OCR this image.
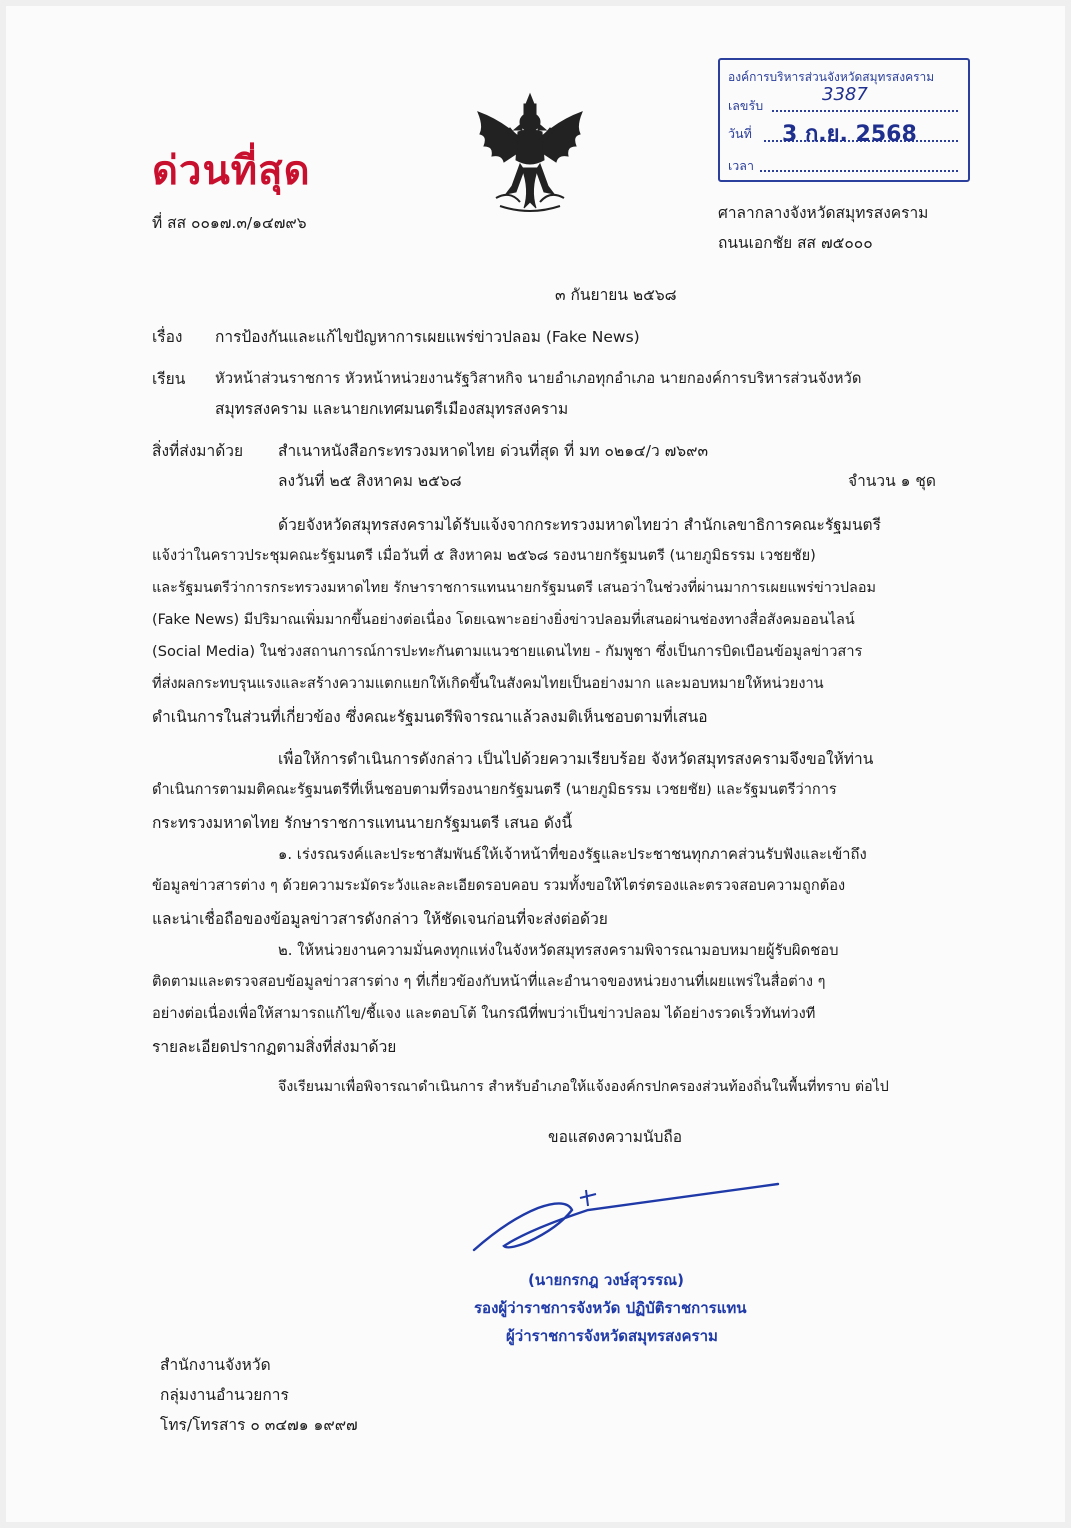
ด่วนที่สุด
ที่ สส ๐๐๑๗.๓/๑๔๗๙๖
องค์การบริหารส่วนจังหวัดสมุทรสงคราม
เลขรับ
3387
วันที่ 3 ก.ย. 2568
เวลา
ศาลากลางจังหวัดสมุทรสงคราม
ถนนเอกชัย สส ๗๕๐๐๐
๓ กันยายน ๒๕๖๘
เรื่อง การป้องกันและแก้ไขปัญหาการเผยแพร่ข่าวปลอม (Fake News)
เรียน หัวหน้าส่วนราชการ หัวหน้าหน่วยงานรัฐวิสาหกิจ นายอำเภอทุกอำเภอ นายกองค์การบริหารส่วนจังหวัด
สมุทรสงคราม และนายกเทศมนตรีเมืองสมุทรสงคราม
สิ่งที่ส่งมาด้วย สำเนาหนังสือกระทรวงมหาดไทย ด่วนที่สุด ที่ มท ๐๒๑๔/ว ๗๖๙๓
ลงวันที่ ๒๕ สิงหาคม ๒๕๖๘	จำนวน ๑ ชุด
ด้วยจังหวัดสมุทรสงครามได้รับแจ้งจากกระทรวงมหาดไทยว่า สำนักเลขาธิการคณะรัฐมนตรี
แจ้งว่าในคราวประชุมคณะรัฐมนตรี เมื่อวันที่ ๕ สิงหาคม ๒๕๖๘ รองนายกรัฐมนตรี (นายภูมิธรรม เวชยชัย)
และรัฐมนตรีว่าการกระทรวงมหาดไทย รักษาราชการแทนนายกรัฐมนตรี เสนอว่าในช่วงที่ผ่านมาการเผยแพร่ข่าวปลอม
(Fake News) มีปริมาณเพิ่มมากขึ้นอย่างต่อเนื่อง โดยเฉพาะอย่างยิ่งข่าวปลอมที่เสนอผ่านช่องทางสื่อสังคมออนไลน์
(Social Media) ในช่วงสถานการณ์การปะทะกันตามแนวชายแดนไทย - กัมพูชา ซึ่งเป็นการบิดเบือนข้อมูลข่าวสาร
ที่ส่งผลกระทบรุนแรงและสร้างความแตกแยกให้เกิดขึ้นในสังคมไทยเป็นอย่างมาก และมอบหมายให้หน่วยงาน
ดำเนินการในส่วนที่เกี่ยวข้อง ซึ่งคณะรัฐมนตรีพิจารณาแล้วลงมติเห็นชอบตามที่เสนอ
เพื่อให้การดำเนินการดังกล่าว เป็นไปด้วยความเรียบร้อย จังหวัดสมุทรสงครามจึงขอให้ท่าน
ดำเนินการตามมติคณะรัฐมนตรีที่เห็นชอบตามที่รองนายกรัฐมนตรี (นายภูมิธรรม เวชยชัย) และรัฐมนตรีว่าการ
กระทรวงมหาดไทย รักษาราชการแทนนายกรัฐมนตรี เสนอ ดังนี้
๑. เร่งรณรงค์และประชาสัมพันธ์ให้เจ้าหน้าที่ของรัฐและประชาชนทุกภาคส่วนรับฟังและเข้าถึง
ข้อมูลข่าวสารต่าง ๆ ด้วยความระมัดระวังและละเอียดรอบคอบ รวมทั้งขอให้ไตร่ตรองและตรวจสอบความถูกต้อง
และน่าเชื่อถือของข้อมูลข่าวสารดังกล่าว ให้ชัดเจนก่อนที่จะส่งต่อด้วย
๒. ให้หน่วยงานความมั่นคงทุกแห่งในจังหวัดสมุทรสงครามพิจารณามอบหมายผู้รับผิดชอบ
ติดตามและตรวจสอบข้อมูลข่าวสารต่าง ๆ ที่เกี่ยวข้องกับหน้าที่และอำนาจของหน่วยงานที่เผยแพร่ในสื่อต่าง ๆ
อย่างต่อเนื่องเพื่อให้สามารถแก้ไข/ชี้แจง และตอบโต้ ในกรณีที่พบว่าเป็นข่าวปลอม ได้อย่างรวดเร็วทันท่วงที
รายละเอียดปรากฏตามสิ่งที่ส่งมาด้วย
จึงเรียนมาเพื่อพิจารณาดำเนินการ สำหรับอำเภอให้แจ้งองค์กรปกครองส่วนท้องถิ่นในพื้นที่ทราบ ต่อไป
ขอแสดงความนับถือ
(นายกรกฎ วงษ์สุวรรณ)
รองผู้ว่าราชการจังหวัด ปฏิบัติราชการแทน
ผู้ว่าราชการจังหวัดสมุทรสงคราม
สำนักงานจังหวัด
กลุ่มงานอำนวยการ
โทร/โทรสาร ๐ ๓๔๗๑ ๑๙๙๗
